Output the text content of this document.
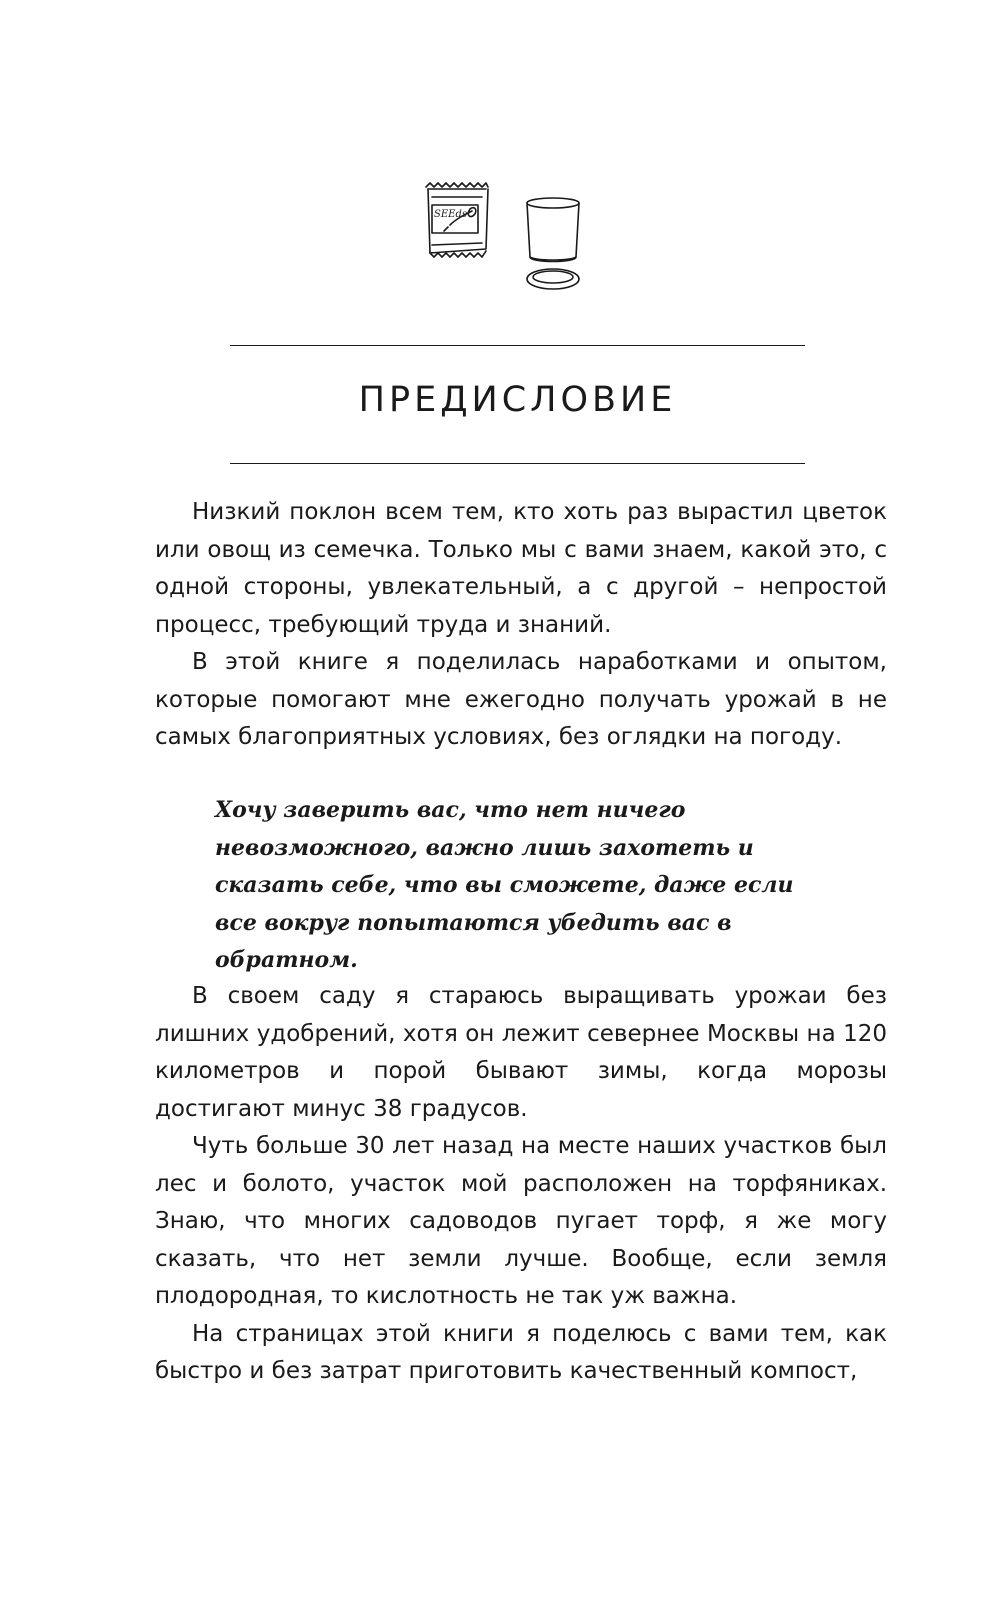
SEEds
ПРЕДИСЛОВИЕ

Низкий поклон всем тем, кто хоть раз вырастил цветок или овощ из семечка. Только мы с вами знаем, какой это, с одной стороны, увлекательный, а с другой – непростой процесс, требующий труда и знаний.

В этой книге я поделилась наработками и опытом, которые помогают мне ежегодно получать урожай в не самых благоприятных условиях, без оглядки на погоду.

Хочу заверить вас, что нет ничего невозможного, важно лишь захотеть и сказать себе, что вы сможете, даже если все вокруг попытаются убедить вас в обратном.

В своем саду я стараюсь выращивать урожаи без лишних удобрений, хотя он лежит севернее Москвы на 120 километров и порой бывают зимы, когда морозы достигают минус 38 градусов.

Чуть больше 30 лет назад на месте наших участков был лес и болото, участок мой расположен на торфяниках. Знаю, что многих садоводов пугает торф, я же могу сказать, что нет земли лучше. Вообще, если земля плодородная, то кислотность не так уж важна.

На страницах этой книги я поделюсь с вами тем, как быстро и без затрат приготовить качественный компост,
